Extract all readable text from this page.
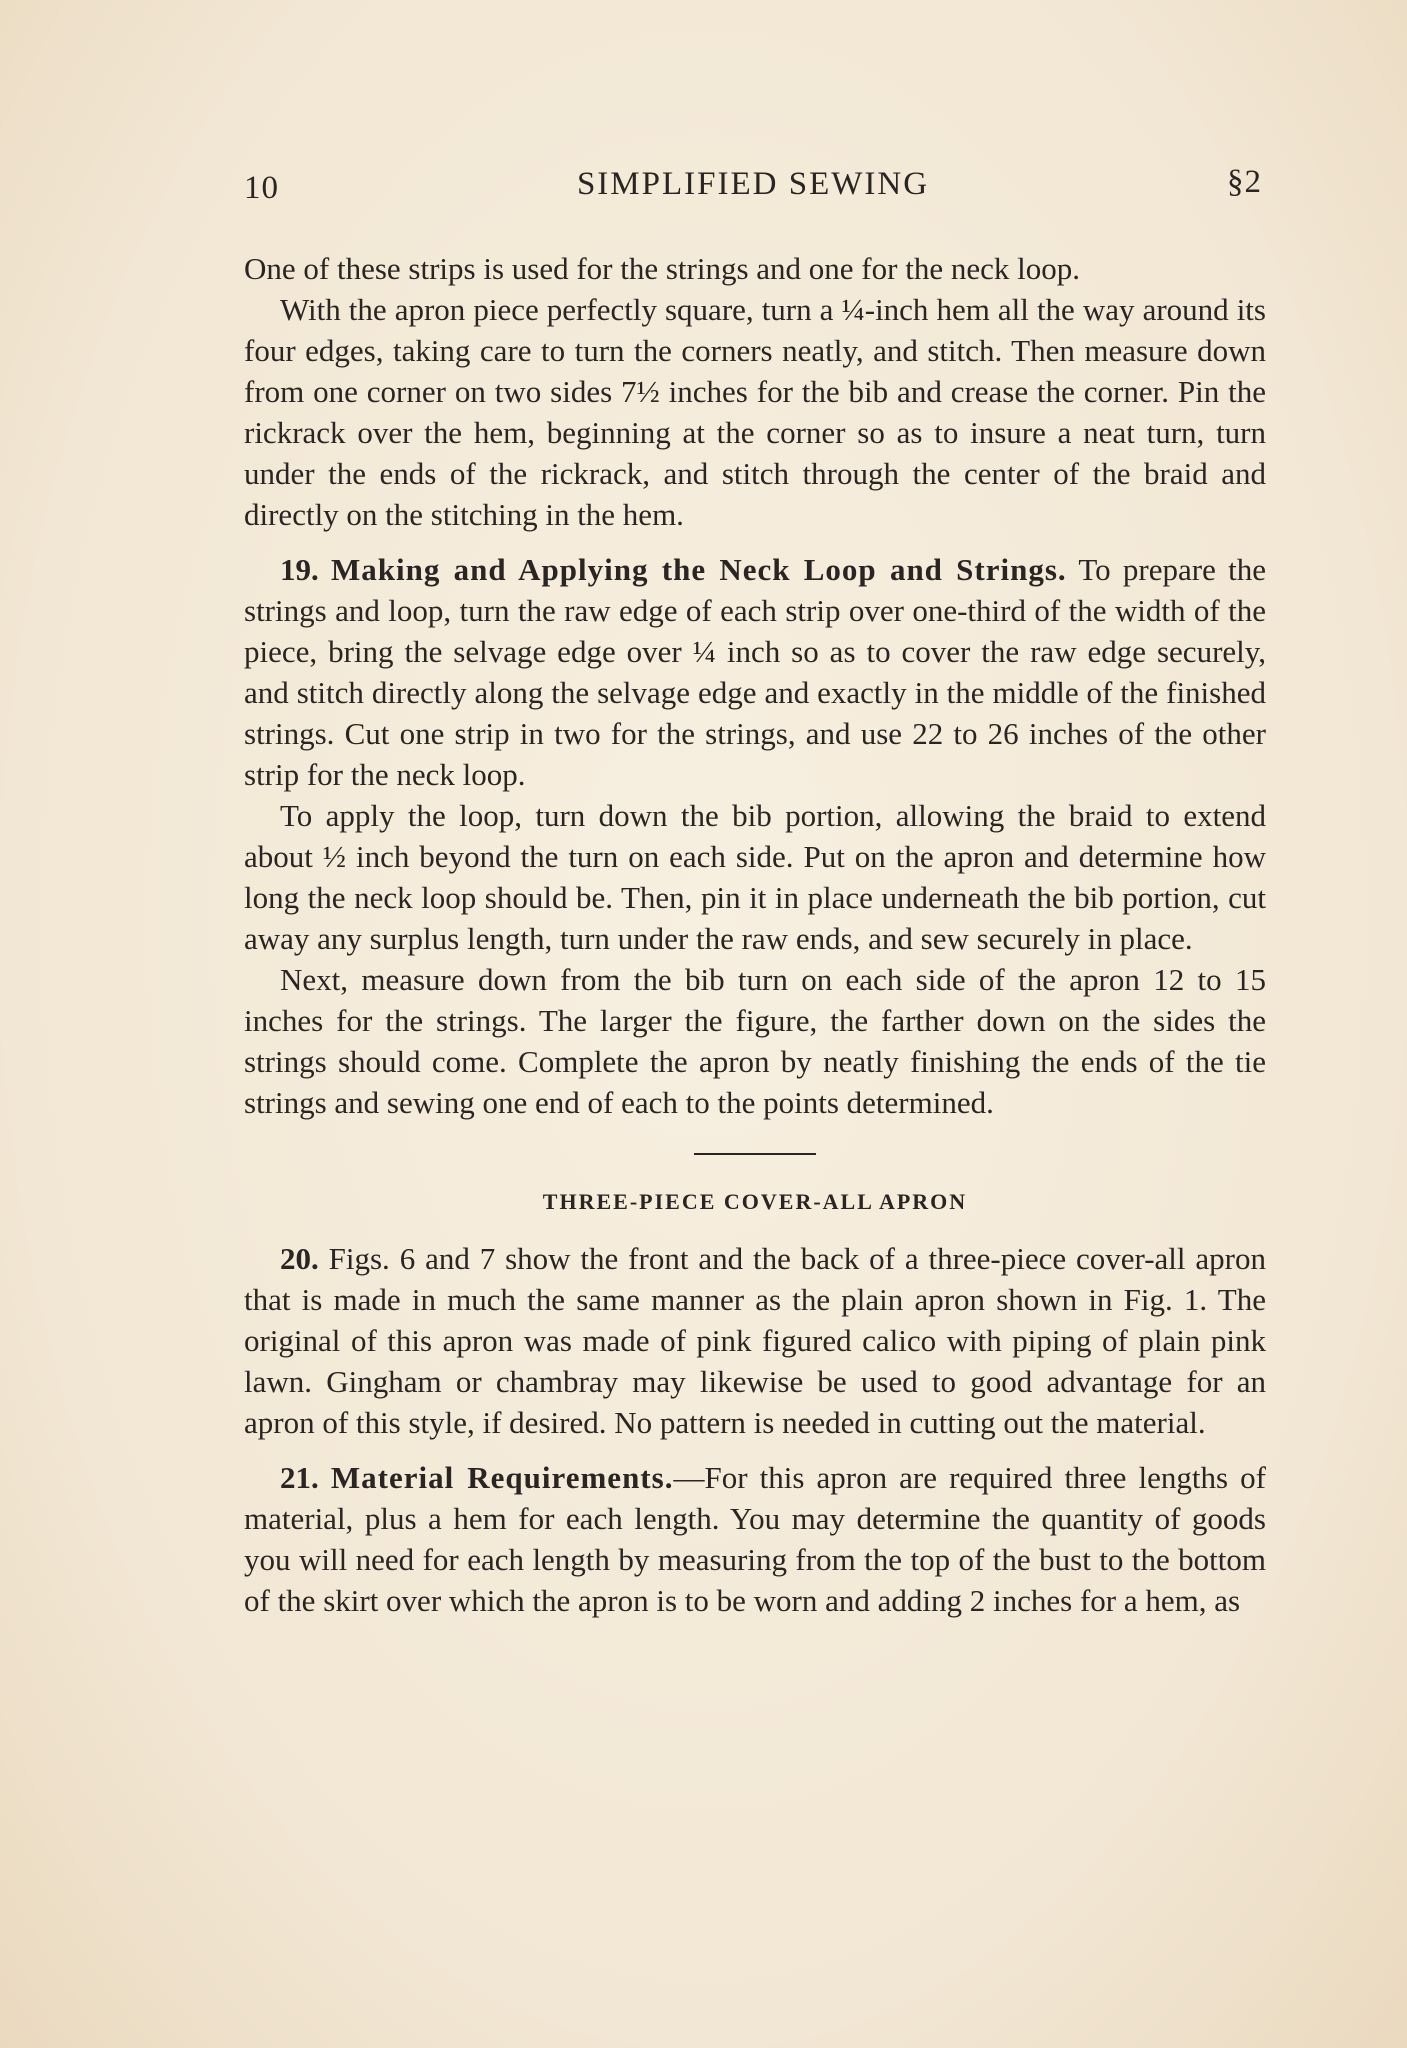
10	SIMPLIFIED SEWING	§2

One of these strips is used for the strings and one for the neck loop.

With the apron piece perfectly square, turn a ¼-inch hem all the way around its four edges, taking care to turn the corners neatly, and stitch. Then measure down from one corner on two sides 7½ inches for the bib and crease the corner. Pin the rickrack over the hem, beginning at the corner so as to insure a neat turn, turn under the ends of the rickrack, and stitch through the center of the braid and directly on the stitching in the hem.

19. Making and Applying the Neck Loop and Strings. To prepare the strings and loop, turn the raw edge of each strip over one-third of the width of the piece, bring the selvage edge over ¼ inch so as to cover the raw edge securely, and stitch directly along the selvage edge and exactly in the middle of the finished strings. Cut one strip in two for the strings, and use 22 to 26 inches of the other strip for the neck loop.

To apply the loop, turn down the bib portion, allowing the braid to extend about ½ inch beyond the turn on each side. Put on the apron and determine how long the neck loop should be. Then, pin it in place underneath the bib portion, cut away any surplus length, turn under the raw ends, and sew securely in place.

Next, measure down from the bib turn on each side of the apron 12 to 15 inches for the strings. The larger the figure, the farther down on the sides the strings should come. Complete the apron by neatly finishing the ends of the tie strings and sewing one end of each to the points determined.

THREE-PIECE COVER-ALL APRON

20. Figs. 6 and 7 show the front and the back of a three-piece cover-all apron that is made in much the same manner as the plain apron shown in Fig. 1. The original of this apron was made of pink figured calico with piping of plain pink lawn. Gingham or chambray may likewise be used to good advantage for an apron of this style, if desired. No pattern is needed in cutting out the material.

21. Material Requirements.—For this apron are required three lengths of material, plus a hem for each length. You may determine the quantity of goods you will need for each length by measuring from the top of the bust to the bottom of the skirt over which the apron is to be worn and adding 2 inches for a hem, as
